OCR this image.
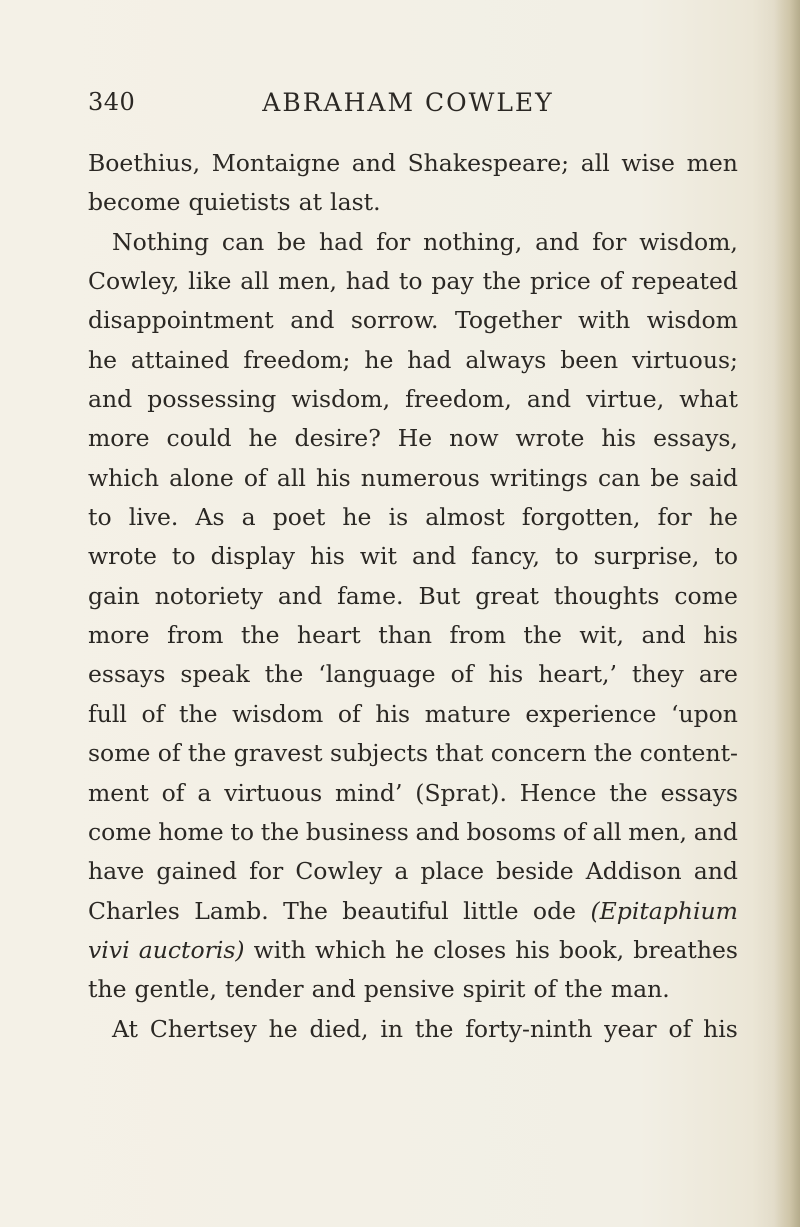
340	ABRAHAM COWLEY
Boethius, Montaigne and Shakespeare; all wise men
become quietists at last.
Nothing can be had for nothing, and for wisdom,
Cowley, like all men, had to pay the price of repeated
disappointment and sorrow. Together with wisdom
he attained freedom; he had always been virtuous;
and possessing wisdom, freedom, and virtue, what
more could he desire? He now wrote his essays,
which alone of all his numerous writings can be said
to live. As a poet he is almost forgotten, for he
wrote to display his wit and fancy, to surprise, to
gain notoriety and fame. But great thoughts come
more from the heart than from the wit, and his
essays speak the ‘language of his heart,’ they are
full of the wisdom of his mature experience ‘upon
some of the gravest subjects that concern the content-
ment of a virtuous mind’ (Sprat). Hence the essays
come home to the business and bosoms of all men, and
have gained for Cowley a place beside Addison and
Charles Lamb. The beautiful little ode (Epitaphium
vivi auctoris) with which he closes his book, breathes
the gentle, tender and pensive spirit of the man.
At Chertsey he died, in the forty-ninth year of his
